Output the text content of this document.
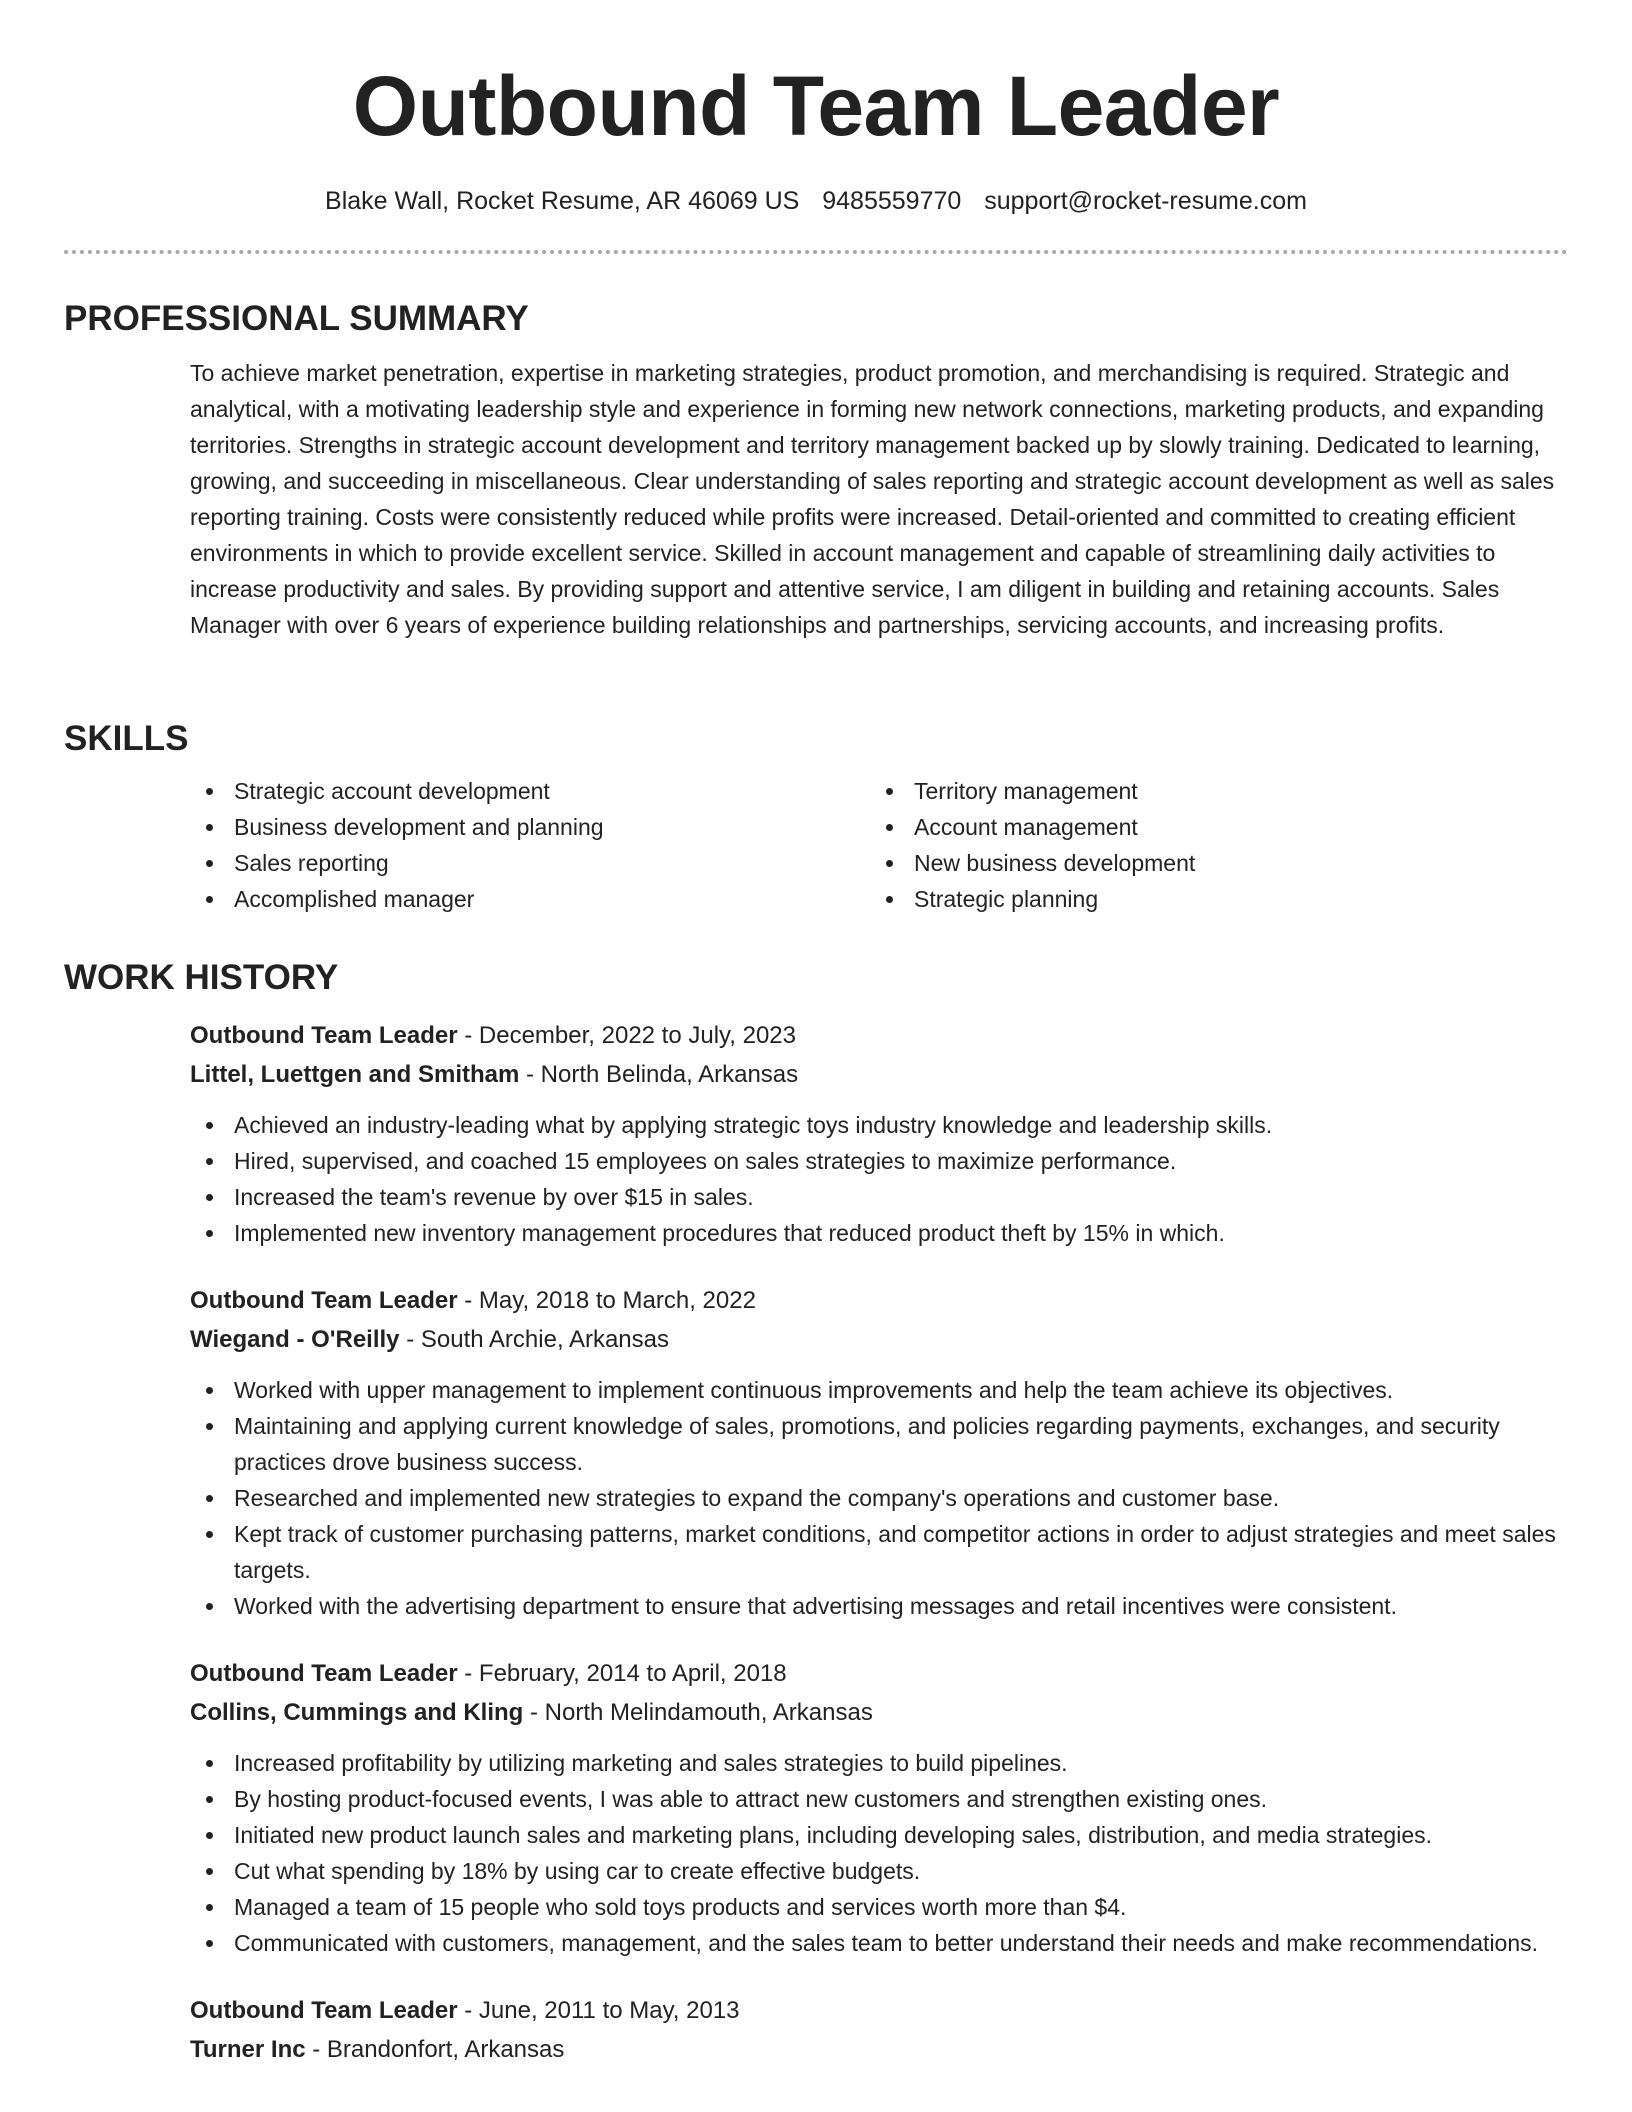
Outbound Team Leader
Blake Wall, Rocket Resume, AR 46069 US 9485559770 support@rocket-resume.com
PROFESSIONAL SUMMARY

To achieve market penetration, expertise in marketing strategies, product promotion, and merchandising is required. Strategic and analytical, with a motivating leadership style and experience in forming new network connections, marketing products, and expanding territories. Strengths in strategic account development and territory management backed up by slowly training. Dedicated to learning, growing, and succeeding in miscellaneous. Clear understanding of sales reporting and strategic account development as well as sales reporting training. Costs were consistently reduced while profits were increased. Detail-oriented and committed to creating efficient environments in which to provide excellent service. Skilled in account management and capable of streamlining daily activities to increase productivity and sales. By providing support and attentive service, I am diligent in building and retaining accounts. Sales Manager with over 6 years of experience building relationships and partnerships, servicing accounts, and increasing profits.

SKILLS
Strategic account development
Business development and planning
Sales reporting
Accomplished manager
Territory management
Account management
New business development
Strategic planning
WORK HISTORY
Outbound Team Leader - December, 2022 to July, 2023
Littel, Luettgen and Smitham - North Belinda, Arkansas
Achieved an industry-leading what by applying strategic toys industry knowledge and leadership skills.
Hired, supervised, and coached 15 employees on sales strategies to maximize performance.
Increased the team's revenue by over $15 in sales.
Implemented new inventory management procedures that reduced product theft by 15% in which.
Outbound Team Leader - May, 2018 to March, 2022
Wiegand - O'Reilly - South Archie, Arkansas
Worked with upper management to implement continuous improvements and help the team achieve its objectives.
Maintaining and applying current knowledge of sales, promotions, and policies regarding payments, exchanges, and security practices drove business success.
Researched and implemented new strategies to expand the company's operations and customer base.
Kept track of customer purchasing patterns, market conditions, and competitor actions in order to adjust strategies and meet sales targets.
Worked with the advertising department to ensure that advertising messages and retail incentives were consistent.
Outbound Team Leader - February, 2014 to April, 2018
Collins, Cummings and Kling - North Melindamouth, Arkansas
Increased profitability by utilizing marketing and sales strategies to build pipelines.
By hosting product-focused events, I was able to attract new customers and strengthen existing ones.
Initiated new product launch sales and marketing plans, including developing sales, distribution, and media strategies.
Cut what spending by 18% by using car to create effective budgets.
Managed a team of 15 people who sold toys products and services worth more than $4.
Communicated with customers, management, and the sales team to better understand their needs and make recommendations.
Outbound Team Leader - June, 2011 to May, 2013
Turner Inc - Brandonfort, Arkansas
